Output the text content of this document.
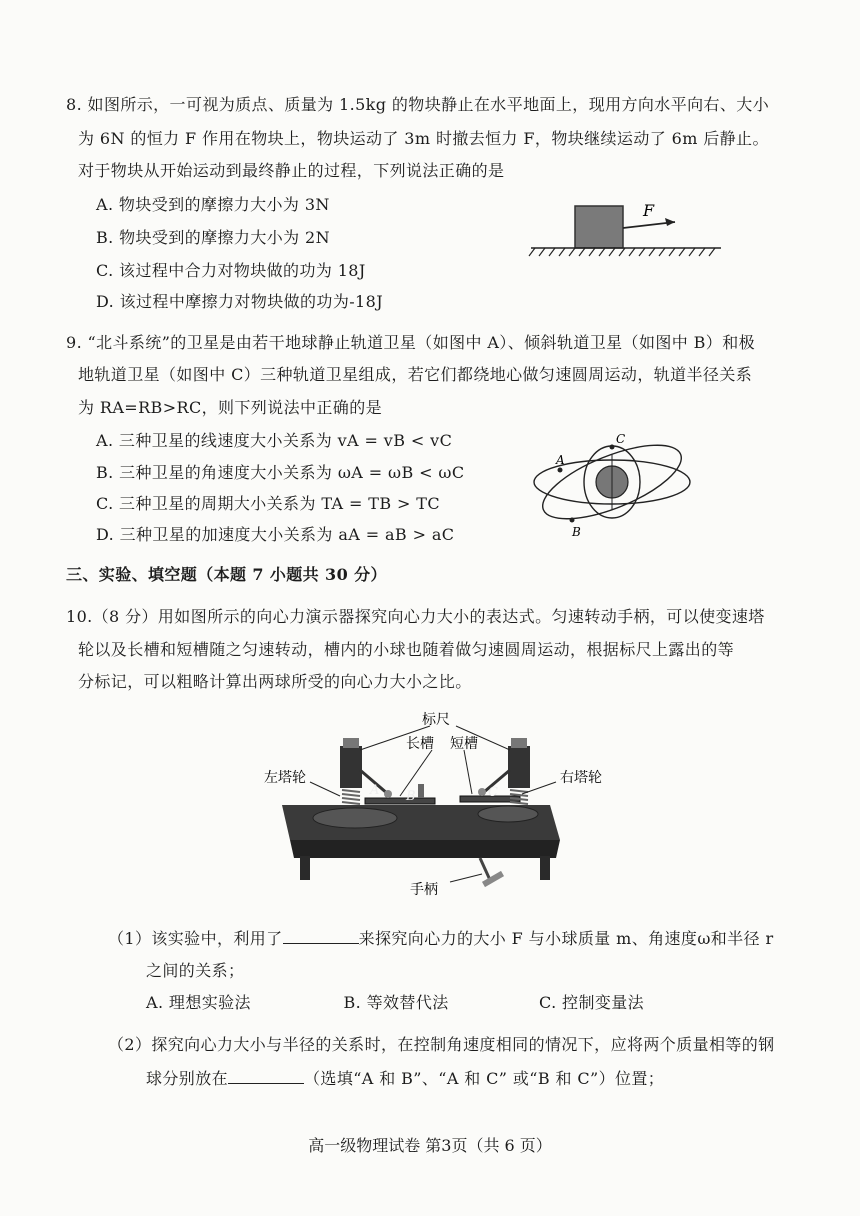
8. 如图所示，一可视为质点、质量为 1.5kg 的物块静止在水平地面上，现用方向水平向右、大小
为 6N 的恒力 F 作用在物块上，物块运动了 3m 时撤去恒力 F，物块继续运动了 6m 后静止。
对于物块从开始运动到最终静止的过程，下列说法正确的是
A. 物块受到的摩擦力大小为 3N
B. 物块受到的摩擦力大小为 2N
C. 该过程中合力对物块做的功为 18J
D. 该过程中摩擦力对物块做的功为-18J
F
9. “北斗系统”的卫星是由若干地球静止轨道卫星（如图中 A）、倾斜轨道卫星（如图中 B）和极
地轨道卫星（如图中 C）三种轨道卫星组成，若它们都绕地心做匀速圆周运动，轨道半径关系
为 RA=RB>RC，则下列说法中正确的是
A. 三种卫星的线速度大小关系为 vA = vB < vC
B. 三种卫星的角速度大小关系为 ωA = ωB < ωC
C. 三种卫星的周期大小关系为 TA = TB > TC
D. 三种卫星的加速度大小关系为 aA = aB > aC
C
A
B
三、实验、填空题（本题 7 小题共 30 分）
10.（8 分）用如图所示的向心力演示器探究向心力大小的表达式。匀速转动手柄，可以使变速塔
轮以及长槽和短槽随之匀速转动，槽内的小球也随着做匀速圆周运动，根据标尺上露出的等
分标记，可以粗略计算出两球所受的向心力大小之比。
标尺
长槽 短槽
左塔轮	右塔轮
手柄
A B	C
（1）该实验中，利用了	来探究向心力的大小 F 与小球质量 m、角速度ω和半径 r
之间的关系；
A. 理想实验法	B. 等效替代法	C. 控制变量法
（2）探究向心力大小与半径的关系时，在控制角速度相同的情况下，应将两个质量相等的钢
球分别放在	（选填“A 和 B”、“A 和 C” 或“B 和 C”）位置；
高一级物理试卷 第3页（共 6 页）
